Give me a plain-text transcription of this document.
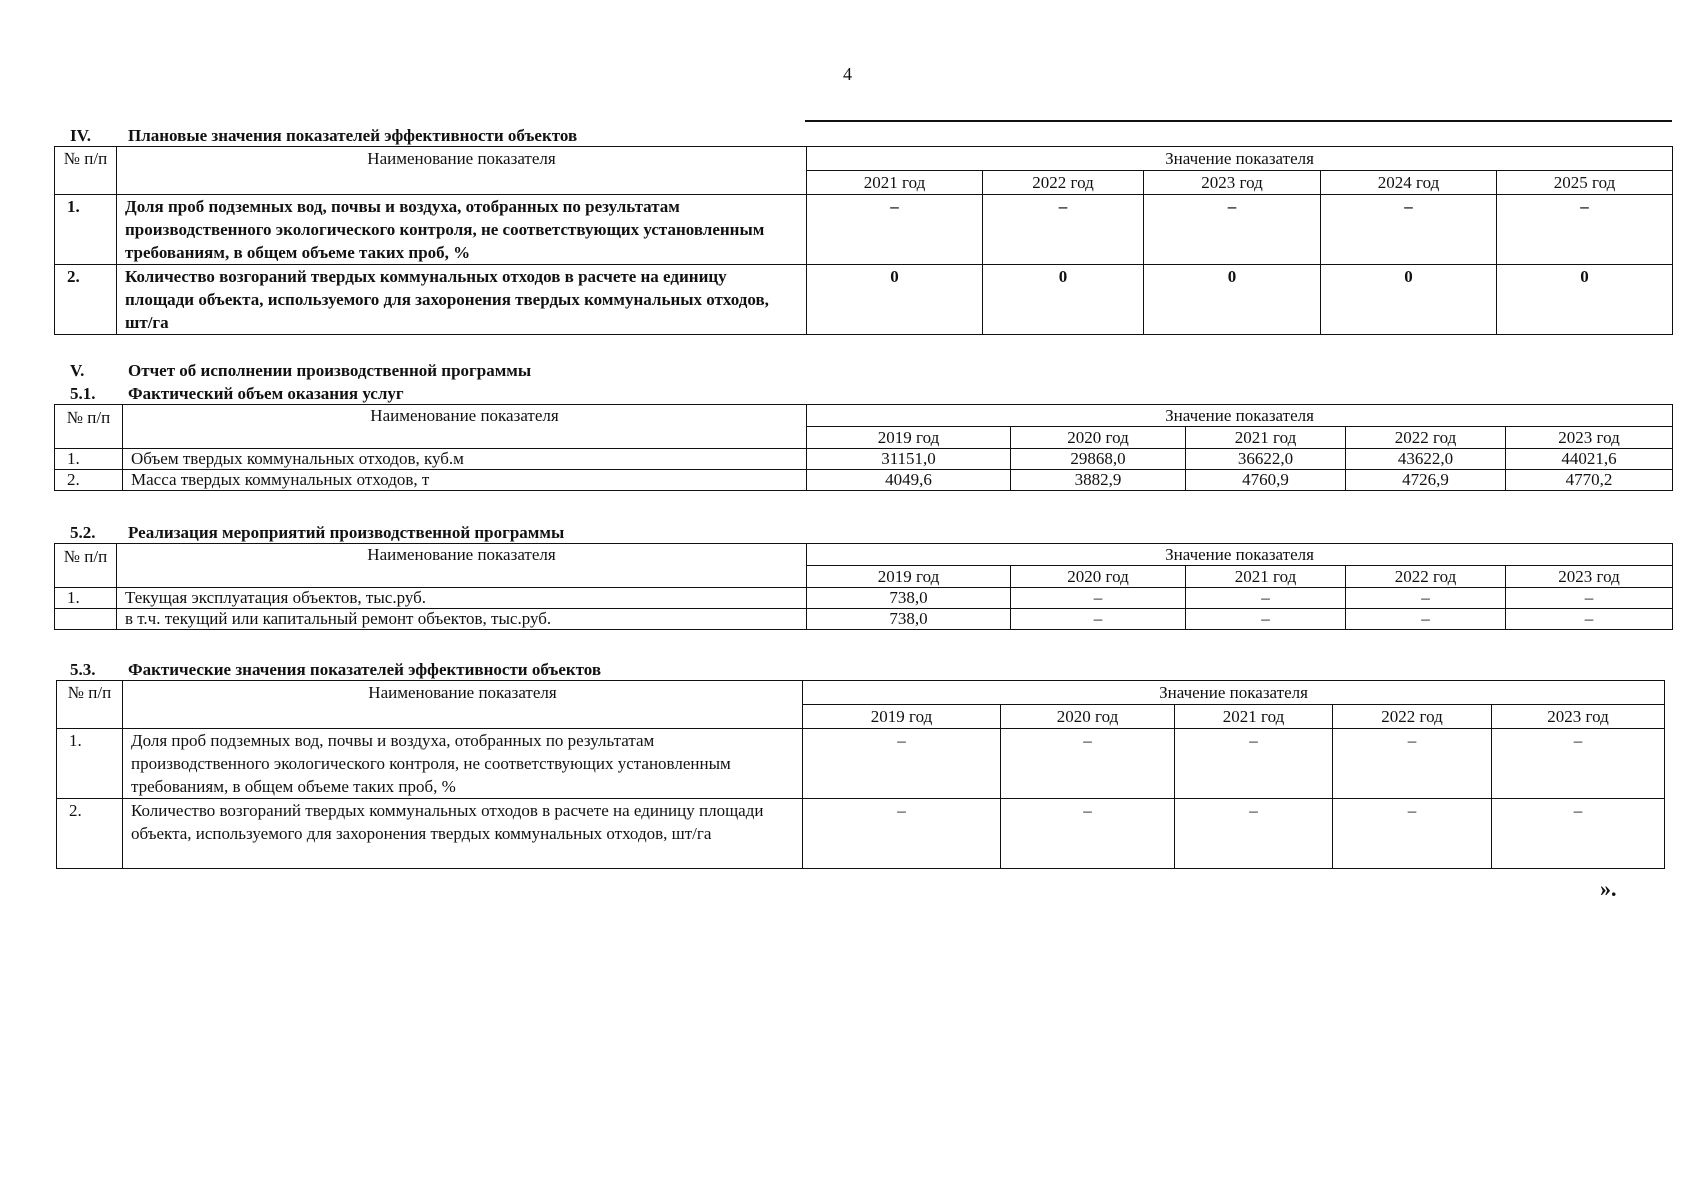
4
IV. Плановые значения показателей эффективности объектов
№ п/п	Наименование показателя	Значение показателя				
		2021 год	2022 год	2023 год	2024 год	2025 год
1.	Доля проб подземных вод, почвы и воздуха, отобранных по результатам производственного экологического контроля, не соответствующих установленным требованиям, в общем объеме таких проб, %	–	–	–	–	–
2.	Количество возгораний твердых коммунальных отходов в расчете на единицу площади объекта, используемого для захоронения твердых коммунальных отходов, шт/га	0	0	0	0	0
V.	Отчет об исполнении производственной программы
5.1. Фактический объем оказания услуг
№ п/п	Наименование показателя	Значение показателя				
		2019 год	2020 год	2021 год	2022 год	2023 год
1.	Объем твердых коммунальных отходов, куб.м	31151,0	29868,0	36622,0	43622,0	44021,6
2.	Масса твердых коммунальных отходов, т	4049,6	3882,9	4760,9	4726,9	4770,2
5.2. Реализация мероприятий производственной программы
№ п/п	Наименование показателя	Значение показателя				
		2019 год	2020 год	2021 год	2022 год	2023 год
1.	Текущая эксплуатация объектов, тыс.руб.	738,0	–	–	–	–
	в т.ч. текущий или капитальный ремонт объектов, тыс.руб.	738,0	–	–	–	–
5.3. Фактические значения показателей эффективности объектов
№ п/п	Наименование показателя	Значение показателя				
		2019 год	2020 год	2021 год	2022 год	2023 год
1.	Доля проб подземных вод, почвы и воздуха, отобранных по результатам производственного экологического контроля, не соответствующих установленным требованиям, в общем объеме таких проб, %	–	–	–	–	–
2.	Количество возгораний твердых коммунальных отходов в расчете на единицу площади объекта, используемого для захоронения твердых коммунальных отходов, шт/га	–	–	–	–	–
».
